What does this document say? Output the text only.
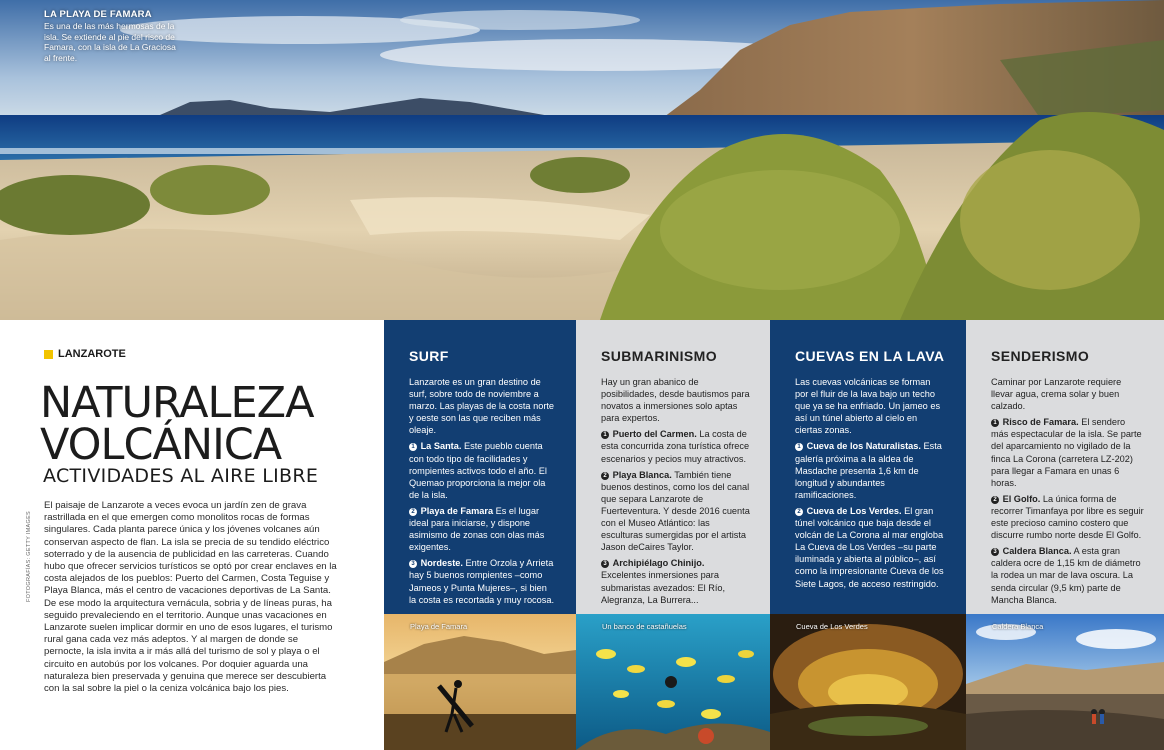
LA PLAYA DE FAMARA
Es una de las más hermosas de la isla. Se extiende al pie del risco de Famara, con la isla de La Graciosa al frente.
LANZAROTE
NATURALEZA
VOLCÁNICA
ACTIVIDADES AL AIRE LIBRE
El paisaje de Lanzarote a veces evoca un jardín zen de grava rastrillada en el que emergen como monolitos rocas de formas singulares. Cada planta parece única y los jóvenes volcanes aún conservan aspecto de flan. La isla se precia de su tendido eléctrico soterrado y de la ausencia de publicidad en las carreteras. Cuando hubo que ofrecer servicios turísticos se optó por crear enclaves en la costa alejados de los pueblos: Puerto del Carmen, Costa Teguise y Playa Blanca, más el centro de vacaciones deportivas de La Santa. De ese modo la arquitectura vernácula, sobria y de líneas puras, ha seguido prevaleciendo en el territorio. Aunque unas vacaciones en Lanzarote suelen implicar dormir en uno de esos lugares, el turismo rural gana cada vez más adeptos. Y al margen de donde se pernocte, la isla invita a ir más allá del turismo de sol y playa o el circuito en autobús por los volcanes. Por doquier aguarda una naturaleza bien preservada y genuina que merece ser descubierta con la sal sobre la piel o la ceniza volcánica bajo los pies.
FOTOGRAFÍAS: GETTY IMAGES
SURF

Lanzarote es un gran destino de surf, sobre todo de noviembre a marzo. Las playas de la costa norte y oeste son las que reciben más oleaje.

1 La Santa. Este pueblo cuenta con todo tipo de facilidades y rompientes activos todo el año. El Quemao proporciona la mejor ola de la isla.

2 Playa de Famara Es el lugar ideal para iniciarse, y dispone asimismo de zonas con olas más exigentes.

3 Nordeste. Entre Orzola y Arrieta hay 5 buenos rompientes –como Jameos y Punta Mujeres–, si bien la costa es recortada y muy rocosa.

SUBMARINISMO

Hay un gran abanico de posibilidades, desde bautismos para novatos a inmersiones solo aptas para expertos.

1 Puerto del Carmen. La costa de esta concurrida zona turística ofrece escenarios y pecios muy atractivos.

2 Playa Blanca. También tiene buenos destinos, como los del canal que separa Lanzarote de Fuerteventura. Y desde 2016 cuenta con el Museo Atlántico: las esculturas sumergidas por el artista Jason deCaires Taylor.

3 Archipiélago Chinijo. Excelentes inmersiones para submaristas avezados: El Río, Alegranza, La Burrera...

CUEVAS EN LA LAVA

Las cuevas volcánicas se forman por el fluir de la lava bajo un techo que ya se ha enfriado. Un jameo es así un túnel abierto al cielo en ciertas zonas.

1 Cueva de los Naturalistas. Esta galería próxima a la aldea de Masdache presenta 1,6 km de longitud y abundantes ramificaciones.

2 Cueva de Los Verdes. El gran túnel volcánico que baja desde el volcán de La Corona al mar engloba La Cueva de Los Verdes –su parte iluminada y abierta al público–, así como la impresionante Cueva de los Siete Lagos, de acceso restringido.

SENDERISMO

Caminar por Lanzarote requiere llevar agua, crema solar y buen calzado.

1 Risco de Famara. El sendero más espectacular de la isla. Se parte del aparcamiento no vigilado de la finca La Corona (carretera LZ-202) para llegar a Famara en unas 6 horas.

2 El Golfo. La única forma de recorrer Timanfaya por libre es seguir este precioso camino costero que discurre rumbo norte desde El Golfo.

3 Caldera Blanca. A esta gran caldera ocre de 1,15 km de diámetro la rodea un mar de lava oscura. La senda circular (9,5 km) parte de Mancha Blanca.

Playa de Famara	Un banco de castañuelas	Cueva de Los Verdes	Caldera Blanca
